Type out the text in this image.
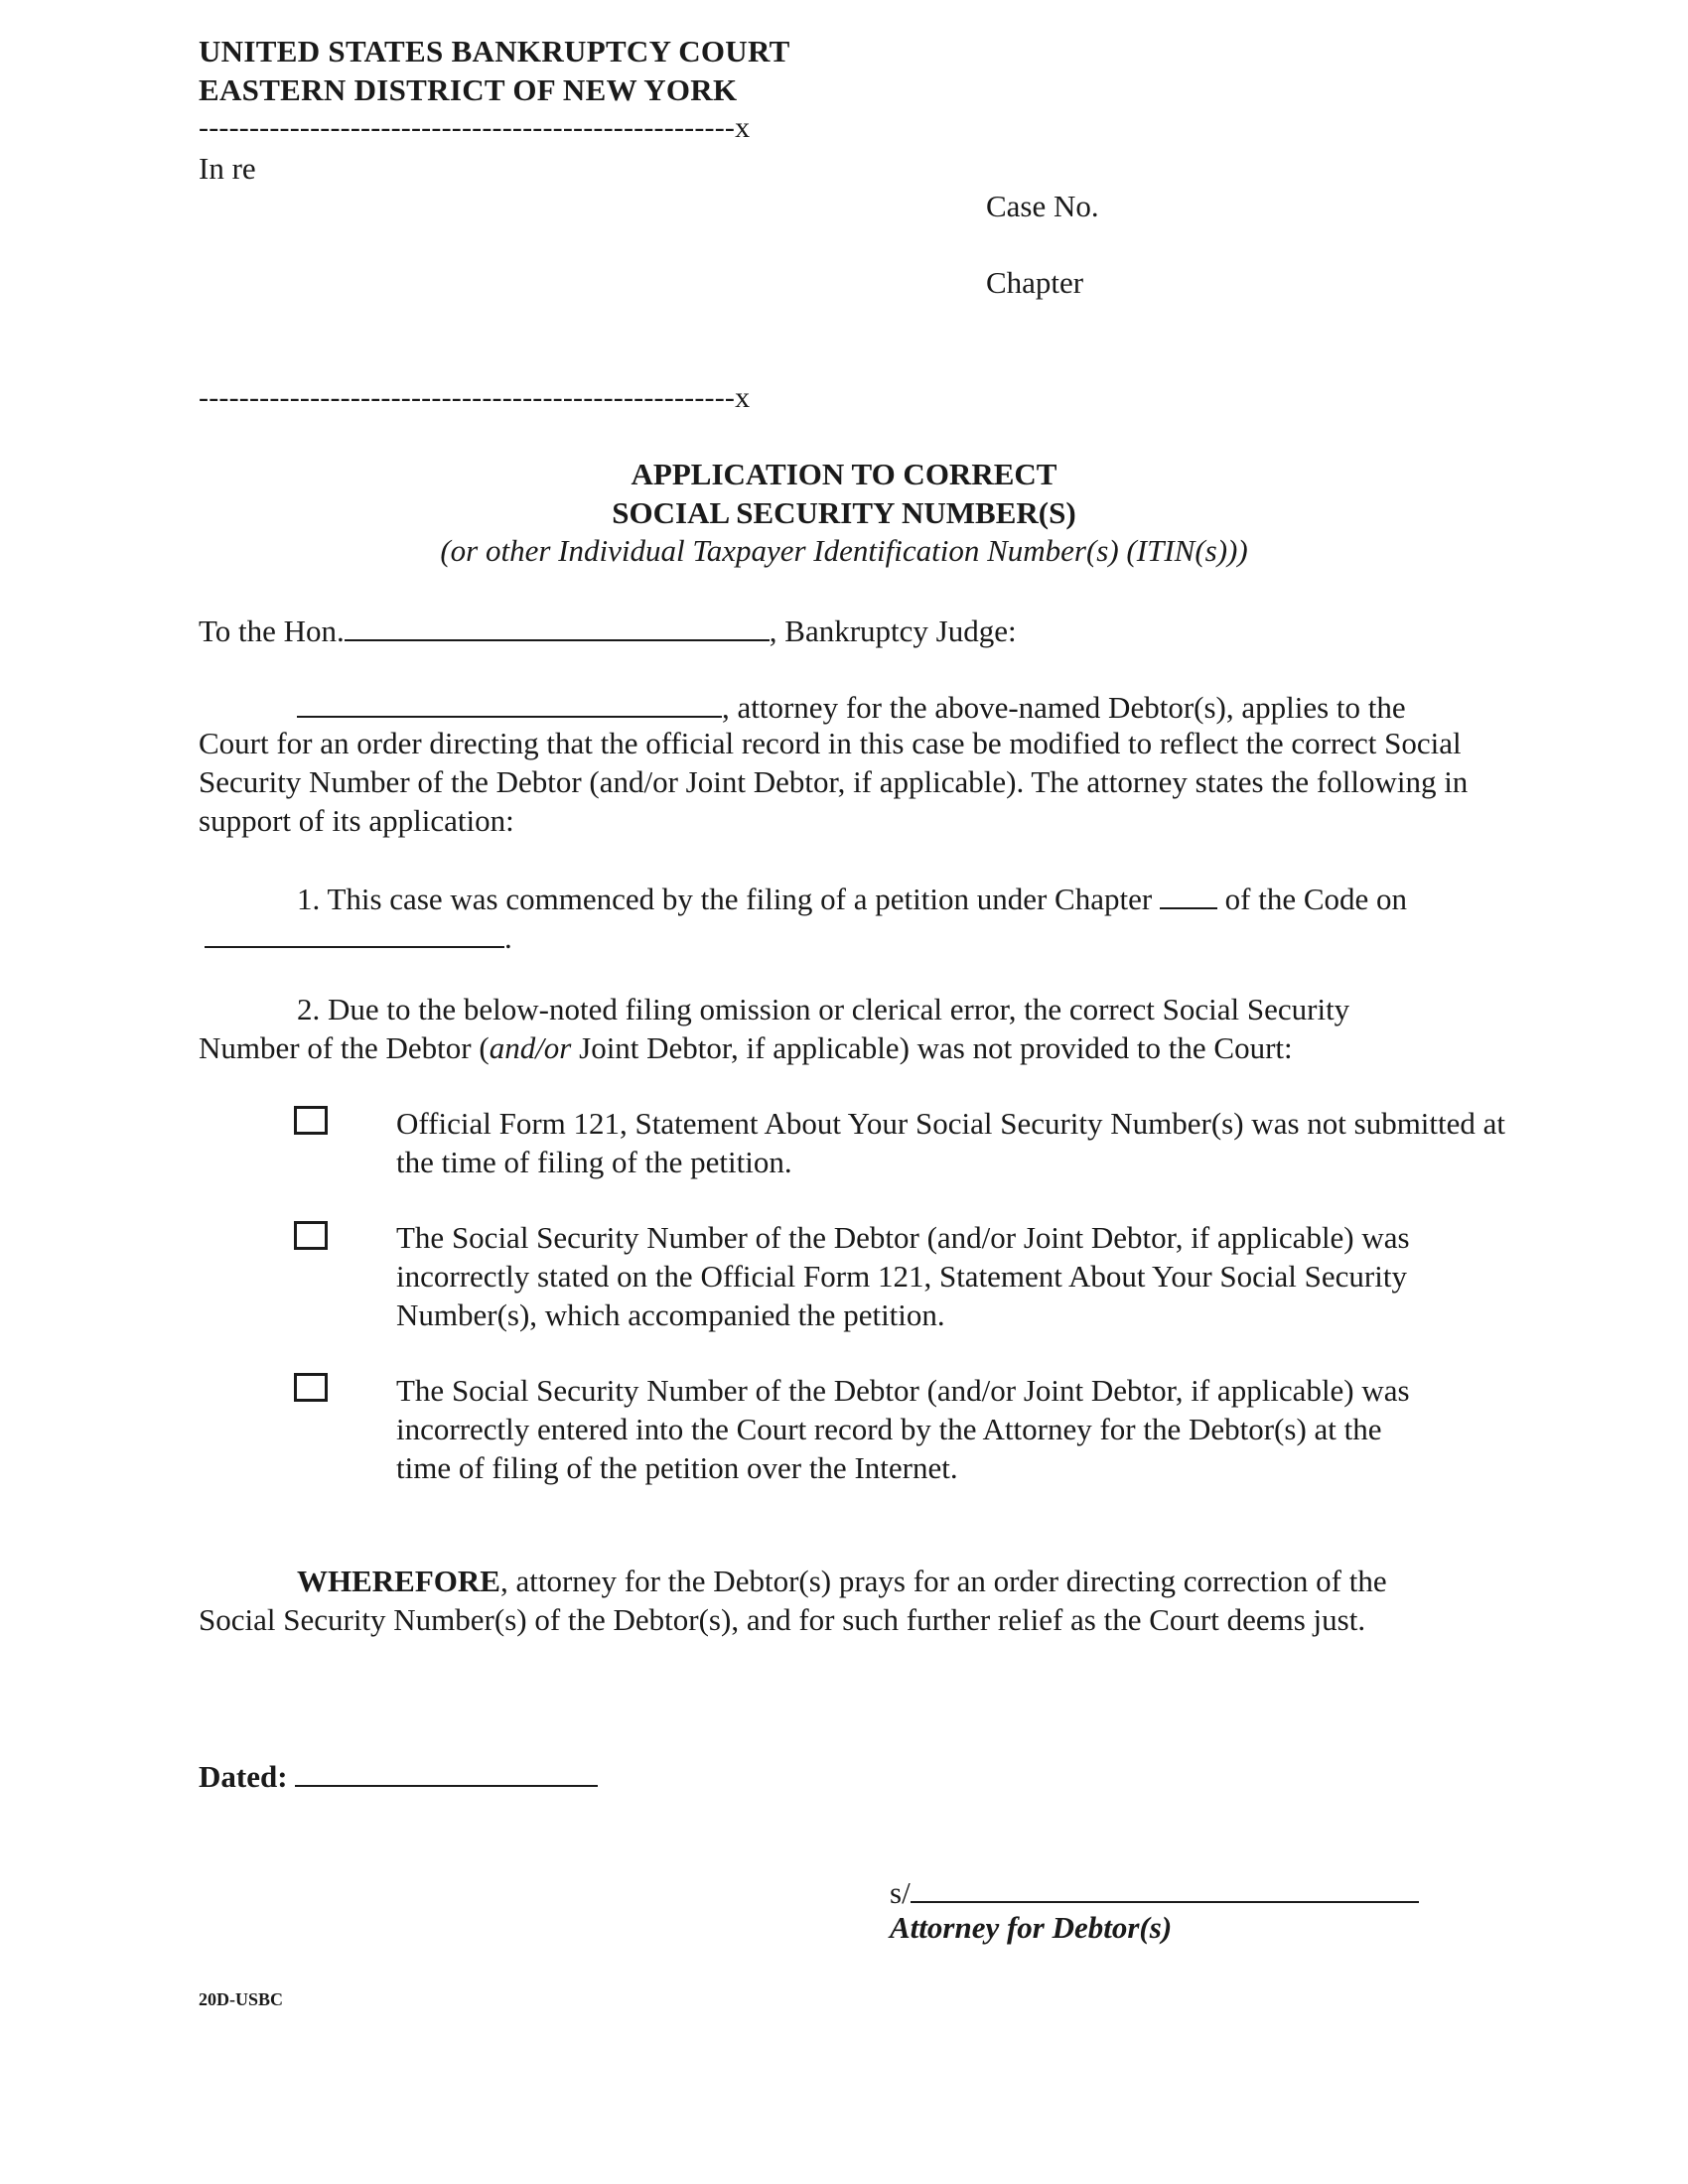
UNITED STATES BANKRUPTCY COURT
EASTERN DISTRICT OF NEW YORK
-----------------------------------------------------x
In re
Case No.
Chapter
-----------------------------------------------------x
APPLICATION TO CORRECT
SOCIAL SECURITY NUMBER(S)
(or other Individual Taxpayer Identification Number(s) (ITIN(s)))
To the Hon.	, Bankruptcy Judge:
, attorney for the above-named Debtor(s), applies to the
Court for an order directing that the official record in this case be modified to reflect the correct Social Security Number of the Debtor (and/or Joint Debtor, if applicable). The attorney states the following in support of its application:
1. This case was commenced by the filing of a petition under Chapter of the Code on
.
2. Due to the below-noted filing omission or clerical error, the correct Social Security
Number of the Debtor (and/or Joint Debtor, if applicable) was not provided to the Court:
Official Form 121, Statement About Your Social Security Number(s) was not submitted at
the time of filing of the petition.
The Social Security Number of the Debtor (and/or Joint Debtor, if applicable) was
incorrectly stated on the Official Form 121, Statement About Your Social Security
Number(s), which accompanied the petition.
The Social Security Number of the Debtor (and/or Joint Debtor, if applicable) was
incorrectly entered into the Court record by the Attorney for the Debtor(s) at the
time of filing of the petition over the Internet.
WHEREFORE, attorney for the Debtor(s) prays for an order directing correction of the
Social Security Number(s) of the Debtor(s), and for such further relief as the Court deems just.
Dated:
s/
Attorney for Debtor(s)
20D-USBC
